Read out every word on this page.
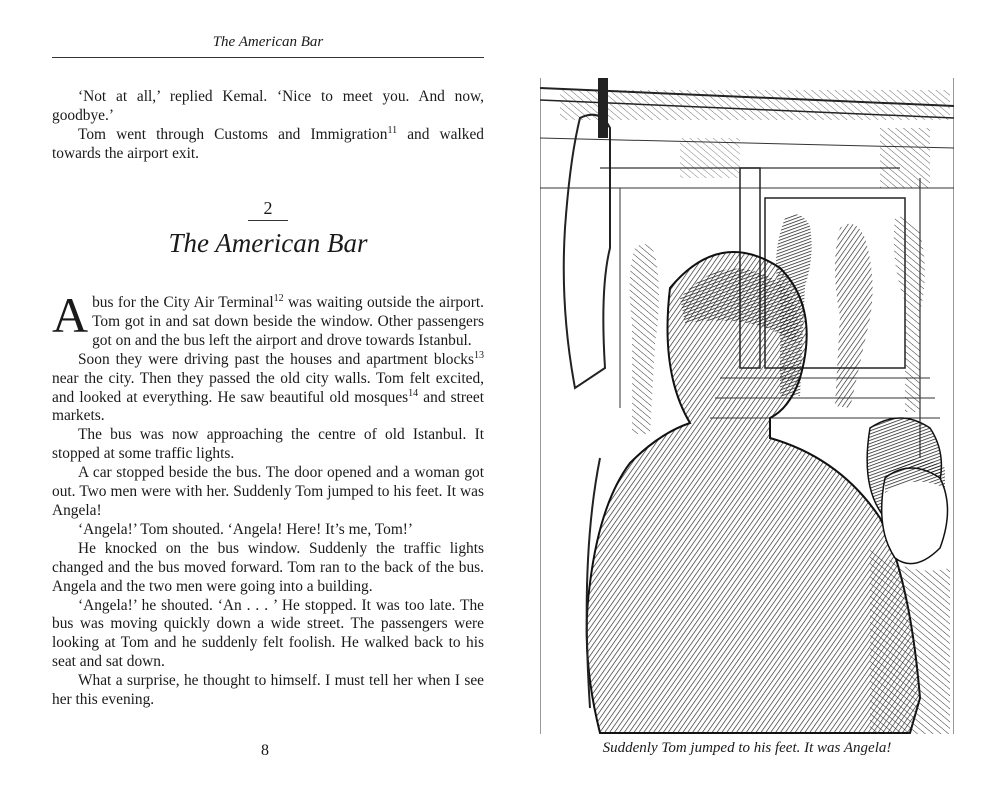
The American Bar

‘Not at all,’ replied Kemal. ‘Nice to meet you. And now, goodbye.’

Tom went through Customs and Immigration$^{11}$ and walked towards the airport exit.

2
The American Bar

A bus for the City Air Terminal$^{12}$ was waiting outside the airport. Tom got in and sat down beside the window. Other passengers got on and the bus left the airport and drove towards Istanbul.

Soon they were driving past the houses and apartment blocks$^{13}$ near the city. Then they passed the old city walls. Tom felt excited, and looked at everything. He saw beautiful old mosques$^{14}$ and street markets.

The bus was now approaching the centre of old Istanbul. It stopped at some traffic lights.

A car stopped beside the bus. The door opened and a woman got out. Two men were with her. Suddenly Tom jumped to his feet. It was Angela!

‘Angela!’ Tom shouted. ‘Angela! Here! It’s me, Tom!’

He knocked on the bus window. Suddenly the traffic lights changed and the bus moved forward. Tom ran to the back of the bus. Angela and the two men were going into a building.

‘Angela!’ he shouted. ‘An . . . ’ He stopped. It was too late. The bus was moving quickly down a wide street. The passengers were looking at Tom and he suddenly felt foolish. He walked back to his seat and sat down.

What a surprise, he thought to himself. I must tell her when I see her this evening.

8	Suddenly Tom jumped to his feet. It was Angela!
